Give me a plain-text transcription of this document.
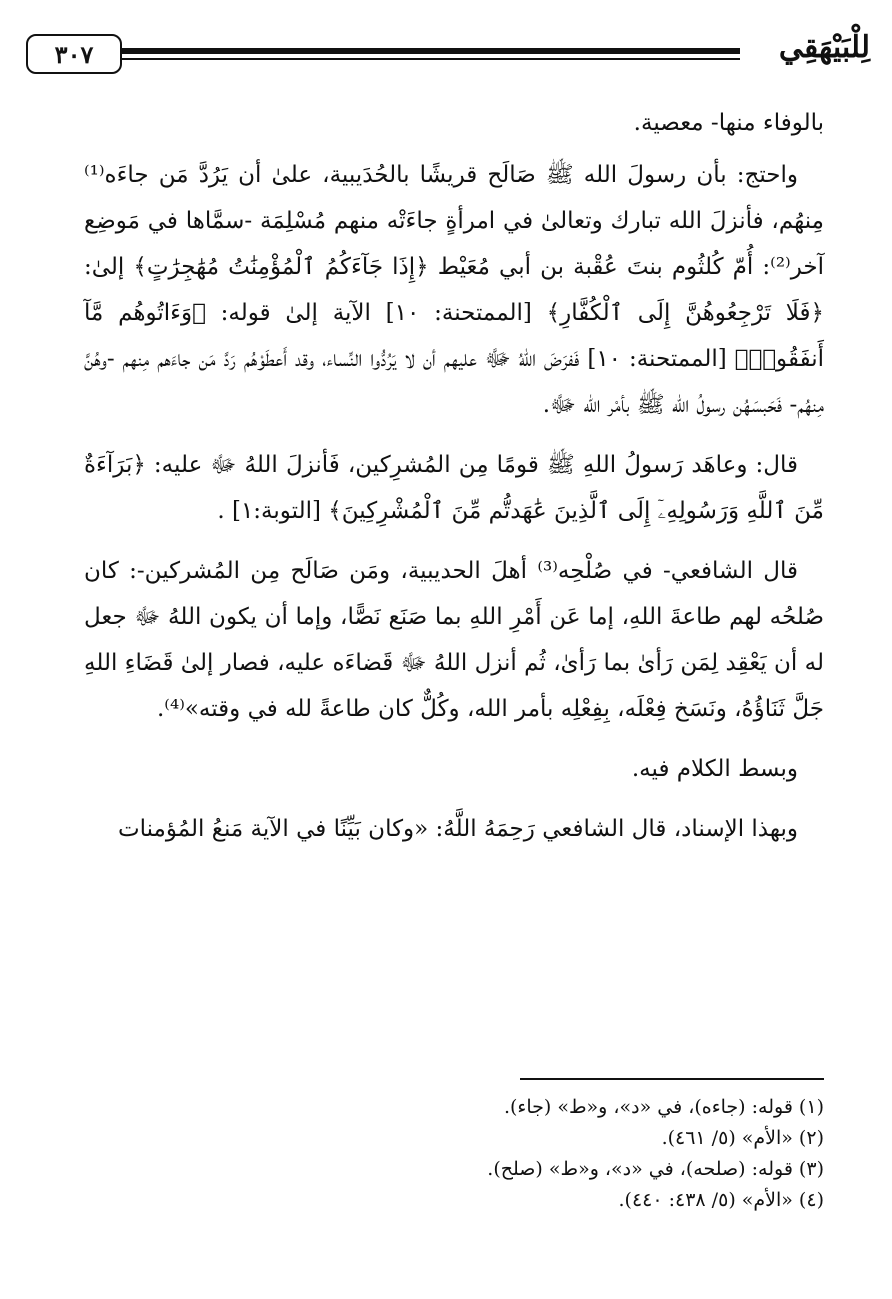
٣٠٧	لِلْبَيْهَقِي

بالوفاء منها- معصية.

واحتج: بأن رسولَ الله ﷺ صَالَح قريشًا بالحُدَيبية، علىٰ أن يَرُدَّ مَن جاءَه⁽¹⁾ مِنهُم، فأنزلَ الله تبارك وتعالىٰ في امرأةٍ جاءَتْه منهم مُسْلِمَة -سمَّاها في مَوضِع آخر⁽²⁾: أُمّ كُلثُوم بنتَ عُقْبة بن أبي مُعَيْط ﴿إِذَا جَآءَكُمُ ٱلْمُؤْمِنَٰتُ مُهَٰجِرَٰتٍ﴾ إلىٰ: ﴿فَلَا تَرْجِعُوهُنَّ إِلَى ٱلْكُفَّارِ﴾ [الممتحنة: ١٠] الآية إلىٰ قوله: ﴿وَءَاتُوهُم مَّآ أَنفَقُوا۟﴾ [الممتحنة: ١٠] فَفرَضَ اللهُ ﷻ عليهم أن لا يَرُدُّوا النِّساء، وقد أَعطَوْهُم رَدَّ مَن جاءَهم مِنهم -وهُنَّ مِنهُم- فَحَبسَهُن رسولُ الله ﷺ بأمْر الله ﷻ.

قال: وعاهَد رَسولُ اللهِ ﷺ قومًا مِن المُشرِكين، فَأنزلَ اللهُ ﷻ عليه: ﴿بَرَآءَةٌ مِّنَ ٱللَّهِ وَرَسُولِهِۦٓ إِلَى ٱلَّذِينَ عَٰهَدتُّم مِّنَ ٱلْمُشْرِكِينَ﴾ [التوبة:١] .

قال الشافعي- في صُلْحِه⁽³⁾ أهلَ الحديبية، ومَن صَالَح مِن المُشركين-: كان صُلحُه لهم طاعةَ اللهِ، إما عَن أَمْرِ اللهِ بما صَنَع نَصًّا، وإما أن يكون اللهُ ﷻ جعل له أن يَعْقِد لِمَن رَأىٰ بما رَأىٰ، ثُم أنزل اللهُ ﷻ قَضاءَه عليه، فصار إلىٰ قَضَاءِ اللهِ جَلَّ ثَنَاؤُهُ، ونَسَخ فِعْلَه، بِفِعْلِه بأمر الله، وكُلٌّ كان طاعةً لله في وقته»⁽⁴⁾.

وبسط الكلام فيه.

وبهذا الإسناد، قال الشافعي رَحِمَهُ اللَّهُ: «وكان بَيِّنًا في الآية مَنعُ المُؤمنات

(١) قوله: (جاءه)، في «د»، و«ط» (جاء).
(٢) «الأم» (٥/ ٤٦١).
(٣) قوله: (صلحه)، في «د»، و«ط» (صلح).
(٤) «الأم» (٥/ ٤٣٨: ٤٤٠).
